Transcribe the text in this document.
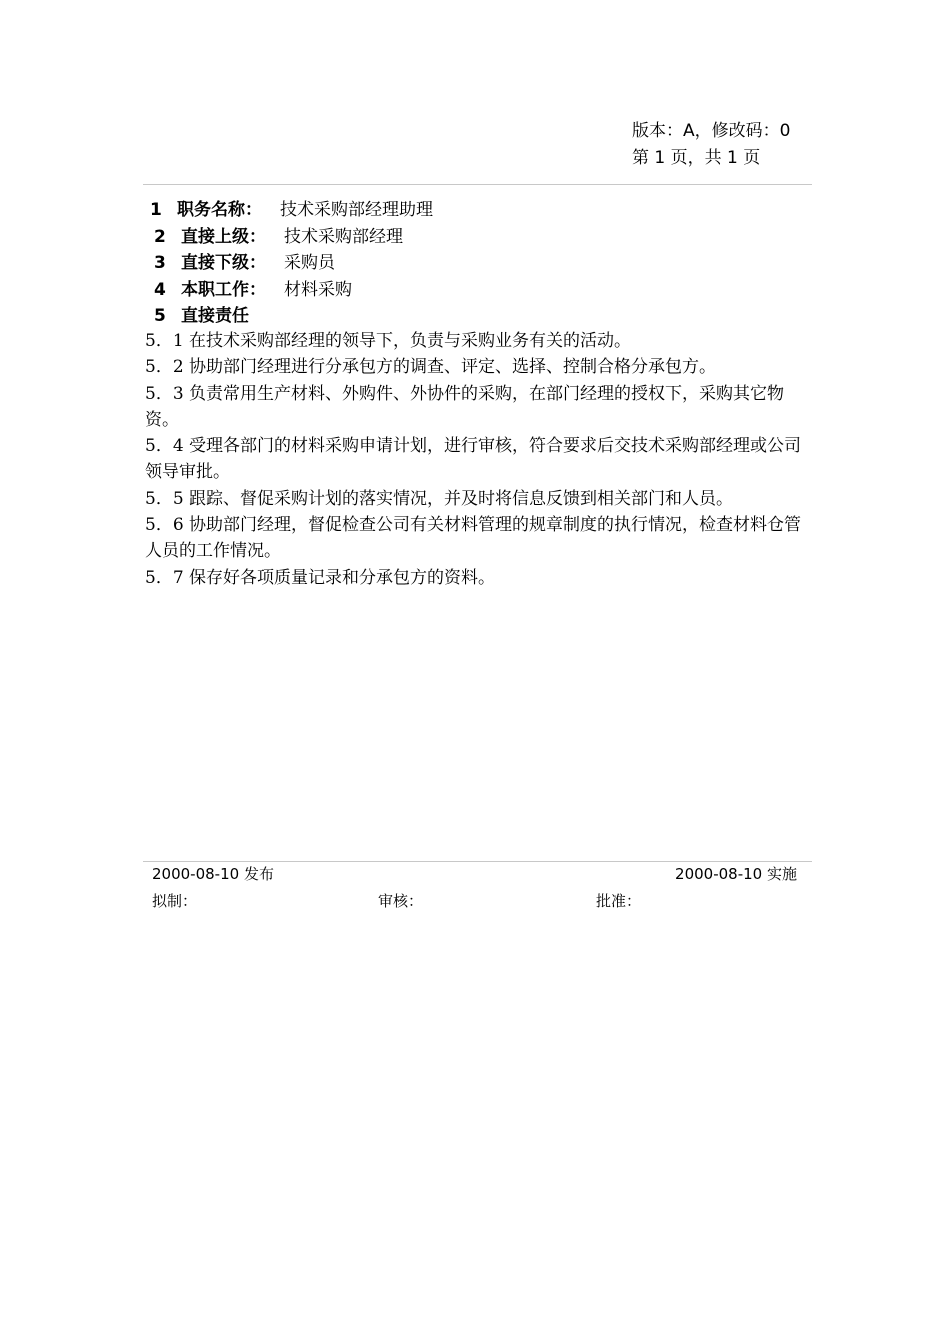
版本：A，修改码：0
第 1 页，共 1 页
1 职务名称： 技术采购部经理助理
2 直接上级： 技术采购部经理
3 直接下级： 采购员
4 本职工作： 材料采购
5 直接责任

5．1 在技术采购部经理的领导下，负责与采购业务有关的活动。

5．2 协助部门经理进行分承包方的调查、评定、选择、控制合格分承包方。

5．3 负责常用生产材料、外购件、外协件的采购，在部门经理的授权下，采购其它物资。

5．4 受理各部门的材料采购申请计划，进行审核，符合要求后交技术采购部经理或公司领导审批。

5．5 跟踪、督促采购计划的落实情况，并及时将信息反馈到相关部门和人员。

5．6 协助部门经理，督促检查公司有关材料管理的规章制度的执行情况，检查材料仓管人员的工作情况。

5．7 保存好各项质量记录和分承包方的资料。

2000-08-10 发布	2000-08-10 实施
拟制：	审核：	批准：
